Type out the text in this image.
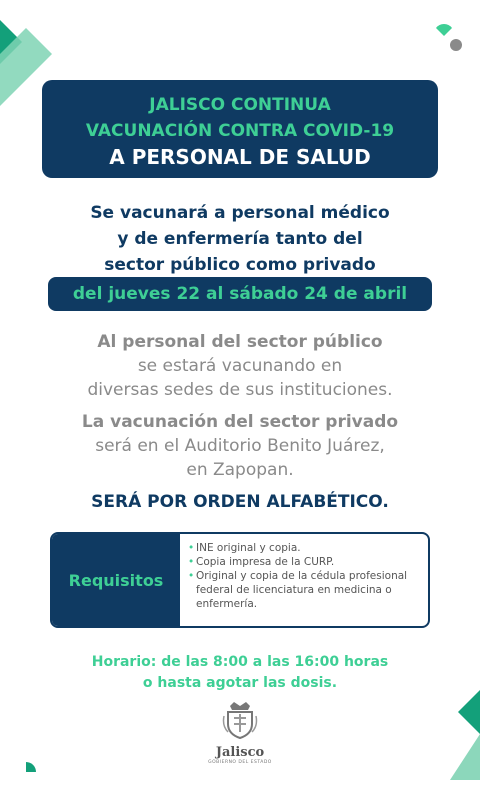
JALISCO CONTINUA
VACUNACIÓN CONTRA COVID-19
A PERSONAL DE SALUD
Se vacunará a personal médico
y de enfermería tanto del
sector público como privado
del jueves 22 al sábado 24 de abril
Al personal del sector público
se estará vacunando en
diversas sedes de sus instituciones.
La vacunación del sector privado
será en el Auditorio Benito Juárez,
en Zapopan.
SERÁ POR ORDEN ALFABÉTICO.
Requisitos
• INE original y copia.
• Copia impresa de la CURP.
• Original y copia de la cédula profesional federal de licenciatura en medicina o enfermería.
Horario: de las 8:00 a las 16:00 horas
o hasta agotar las dosis.
Jalisco
GOBIERNO DEL ESTADO
